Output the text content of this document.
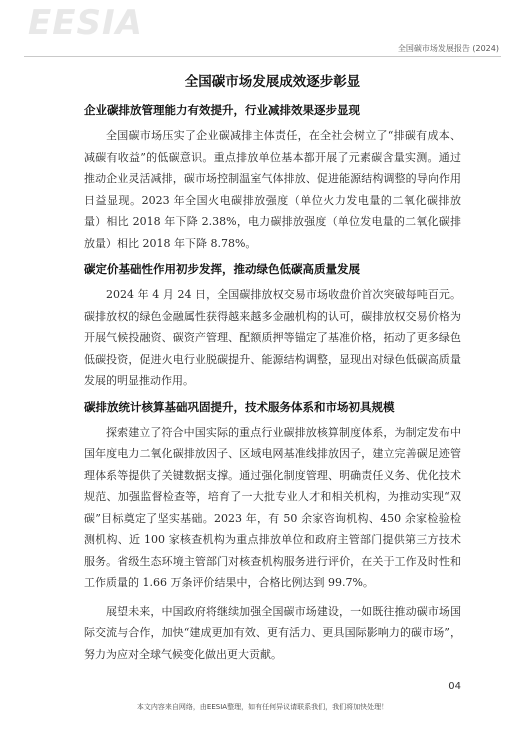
EESIA
全国碳市场发展报告 (2024)
全国碳市场发展成效逐步彰显
企业碳排放管理能力有效提升，行业减排效果逐步显现

全国碳市场压实了企业碳减排主体责任，在全社会树立了“排碳有成本、减碳有收益”的低碳意识。重点排放单位基本都开展了元素碳含量实测。通过推动企业灵活减排，碳市场控制温室气体排放、促进能源结构调整的导向作用日益显现。2023 年全国火电碳排放强度（单位火力发电量的二氧化碳排放量）相比 2018 年下降 2.38%，电力碳排放强度（单位发电量的二氧化碳排放量）相比 2018 年下降 8.78%。

碳定价基础性作用初步发挥，推动绿色低碳高质量发展

2024 年 4 月 24 日，全国碳排放权交易市场收盘价首次突破每吨百元。碳排放权的绿色金融属性获得越来越多金融机构的认可，碳排放权交易价格为开展气候投融资、碳资产管理、配额质押等锚定了基准价格，拓动了更多绿色低碳投资，促进火电行业脱碳提升、能源结构调整，显现出对绿色低碳高质量发展的明显推动作用。

碳排放统计核算基础巩固提升，技术服务体系和市场初具规模

探索建立了符合中国实际的重点行业碳排放核算制度体系，为制定发布中国年度电力二氧化碳排放因子、区域电网基准线排放因子，建立完善碳足迹管理体系等提供了关键数据支撑。通过强化制度管理、明确责任义务、优化技术规范、加强监督检查等，培育了一大批专业人才和相关机构，为推动实现“双碳”目标奠定了坚实基础。2023 年，有 50 余家咨询机构、450 余家检验检测机构、近 100 家核查机构为重点排放单位和政府主管部门提供第三方技术服务。省级生态环境主管部门对核查机构服务进行评价，在关于工作及时性和工作质量的 1.66 万条评价结果中，合格比例达到 99.7%。

展望未来，中国政府将继续加强全国碳市场建设，一如既往推动碳市场国际交流与合作，加快“建成更加有效、更有活力、更具国际影响力的碳市场”，努力为应对全球气候变化做出更大贡献。

04
本文内容来自网络，由EESIA整理，如有任何异议请联系我们，我们将加快处理！
